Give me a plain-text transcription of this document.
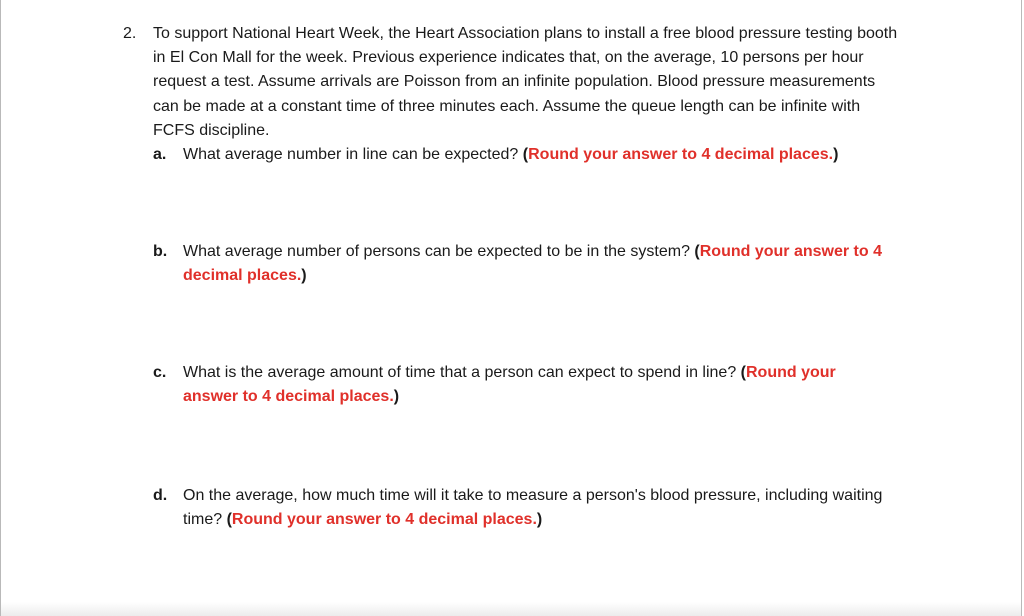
2. To support National Heart Week, the Heart Association plans to install a free blood pressure testing booth in El Con Mall for the week. Previous experience indicates that, on the average, 10 persons per hour request a test. Assume arrivals are Poisson from an infinite population. Blood pressure measurements can be made at a constant time of three minutes each. Assume the queue length can be infinite with FCFS discipline.
a. What average number in line can be expected? (Round your answer to 4 decimal places.)
b. What average number of persons can be expected to be in the system? (Round your answer to 4 decimal places.)
c. What is the average amount of time that a person can expect to spend in line? (Round your answer to 4 decimal places.)
d. On the average, how much time will it take to measure a person's blood pressure, including waiting time? (Round your answer to 4 decimal places.)
